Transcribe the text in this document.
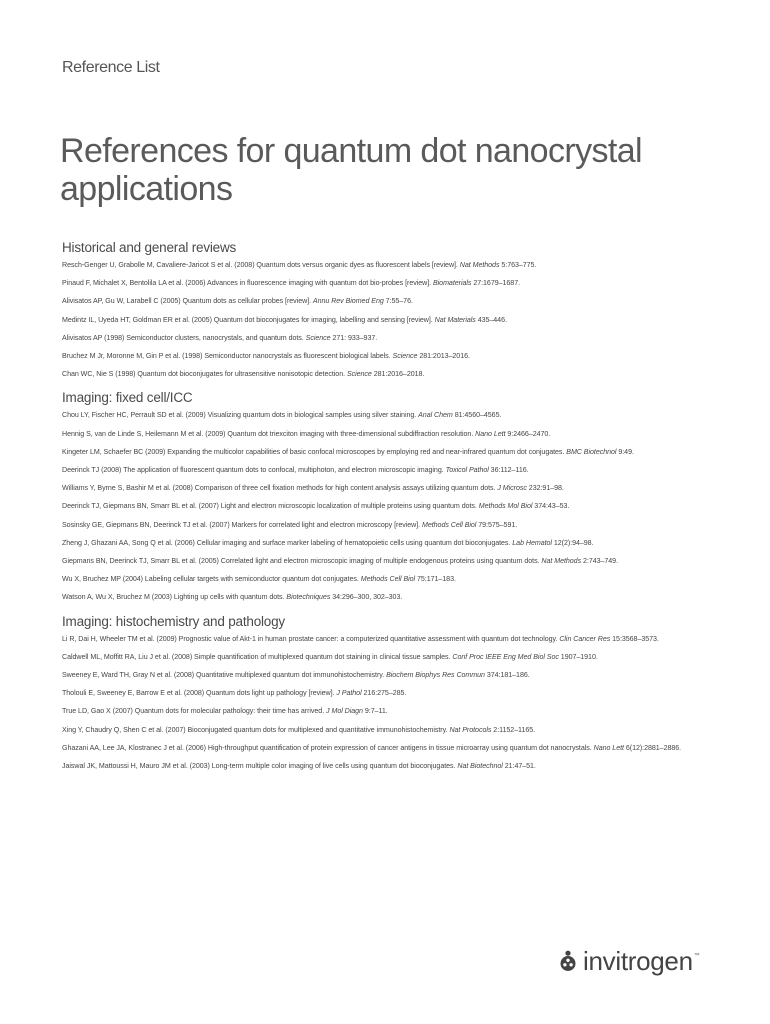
Reference List
References for quantum dot nanocrystal applications
Historical and general reviews
Resch-Genger U, Grabolle M, Cavaliere-Jaricot S et al. (2008) Quantum dots versus organic dyes as fluorescent labels [review]. Nat Methods 5:763–775.
Pinaud F, Michalet X, Bentolila LA et al. (2006) Advances in fluorescence imaging with quantum dot bio-probes [review]. Biomaterials 27:1679–1687.
Alivisatos AP, Gu W, Larabell C (2005) Quantum dots as cellular probes [review]. Annu Rev Biomed Eng 7:55–76.
Medintz IL, Uyeda HT, Goldman ER et al. (2005) Quantum dot bioconjugates for imaging, labelling and sensing [review]. Nat Materials 435–446.
Alivisatos AP (1998) Semiconductor clusters, nanocrystals, and quantum dots. Science 271: 933–937.
Bruchez M Jr, Moronne M, Gin P et al. (1998) Semiconductor nanocrystals as fluorescent biological labels. Science 281:2013–2016.
Chan WC, Nie S (1998) Quantum dot bioconjugates for ultrasensitive nonisotopic detection. Science 281:2016–2018.
Imaging: fixed cell/ICC
Chou LY, Fischer HC, Perrault SD et al. (2009) Visualizing quantum dots in biological samples using silver staining. Anal Chem 81:4560–4565.
Hennig S, van de Linde S, Heilemann M et al. (2009) Quantum dot triexciton imaging with three-dimensional subdiffraction resolution. Nano Lett 9:2466–2470.
Kingeter LM, Schaefer BC (2009) Expanding the multicolor capabilities of basic confocal microscopes by employing red and near-infrared quantum dot conjugates. BMC Biotechnol 9:49.
Deerinck TJ (2008) The application of fluorescent quantum dots to confocal, multiphoton, and electron microscopic imaging. Toxicol Pathol 36:112–116.
Williams Y, Byrne S, Bashir M et al. (2008) Comparison of three cell fixation methods for high content analysis assays utilizing quantum dots. J Microsc 232:91–98.
Deerinck TJ, Giepmans BN, Smarr BL et al. (2007) Light and electron microscopic localization of multiple proteins using quantum dots. Methods Mol Biol 374:43–53.
Sosinsky GE, Giepmans BN, Deerinck TJ et al. (2007) Markers for correlated light and electron microscopy [review]. Methods Cell Biol 79:575–591.
Zheng J, Ghazani AA, Song Q et al. (2006) Cellular imaging and surface marker labeling of hematopoietic cells using quantum dot bioconjugates. Lab Hematol 12(2):94–98.
Giepmans BN, Deerinck TJ, Smarr BL et al. (2005) Correlated light and electron microscopic imaging of multiple endogenous proteins using quantum dots. Nat Methods 2:743–749.
Wu X, Bruchez MP (2004) Labeling cellular targets with semiconductor quantum dot conjugates. Methods Cell Biol 75:171–183.
Watson A, Wu X, Bruchez M (2003) Lighting up cells with quantum dots. Biotechniques 34:296–300, 302–303.
Imaging: histochemistry and pathology
Li R, Dai H, Wheeler TM et al. (2009) Prognostic value of Akt-1 in human prostate cancer: a computerized quantitative assessment with quantum dot technology. Clin Cancer Res 15:3568–3573.
Caldwell ML, Moffitt RA, Liu J et al. (2008) Simple quantification of multiplexed quantum dot staining in clinical tissue samples. Conf Proc IEEE Eng Med Biol Soc 1907–1910.
Sweeney E, Ward TH, Gray N et al. (2008) Quantitative multiplexed quantum dot immunohistochemistry. Biochem Biophys Res Commun 374:181–186.
Tholouli E, Sweeney E, Barrow E et al. (2008) Quantum dots light up pathology [review]. J Pathol 216:275–285.
True LD, Gao X (2007) Quantum dots for molecular pathology: their time has arrived. J Mol Diagn 9:7–11.
Xing Y, Chaudry Q, Shen C et al. (2007) Bioconjugated quantum dots for multiplexed and quantitative immunohistochemistry. Nat Protocols 2:1152–1165.
Ghazani AA, Lee JA, Klostranec J et al. (2006) High-throughput quantification of protein expression of cancer antigens in tissue microarray using quantum dot nanocrystals. Nano Lett 6(12):2881–2886.
Jaiswal JK, Mattoussi H, Mauro JM et al. (2003) Long-term multiple color imaging of live cells using quantum dot bioconjugates. Nat Biotechnol 21:47–51.
invitrogen ™
